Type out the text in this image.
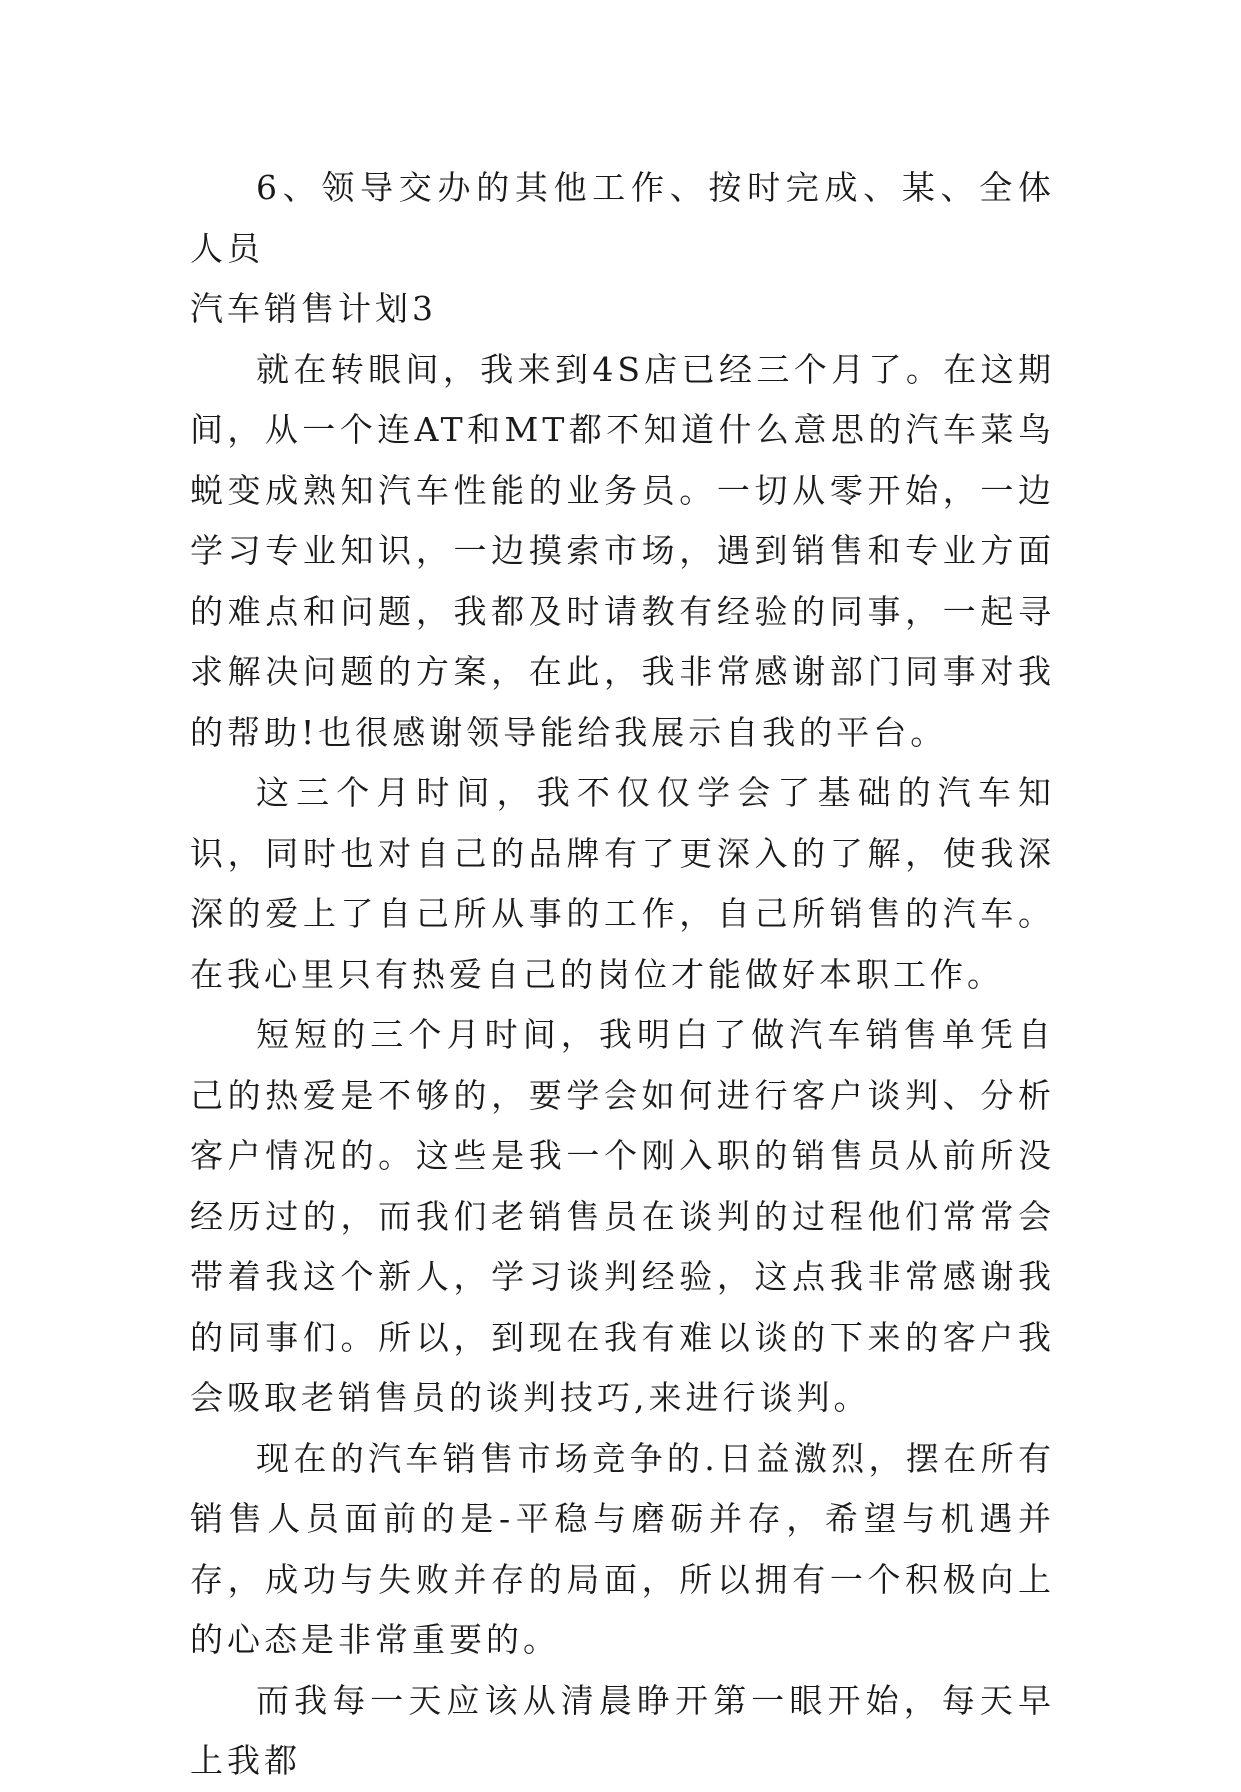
6、领导交办的其他工作、按时完成、某、全体人员

汽车销售计划3

就在转眼间，我来到4S店已经三个月了。在这期间，从一个连AT和MT都不知道什么意思的汽车菜鸟蜕变成熟知汽车性能的业务员。一切从零开始，一边学习专业知识，一边摸索市场，遇到销售和专业方面的难点和问题，我都及时请教有经验的同事，一起寻求解决问题的方案，在此，我非常感谢部门同事对我的帮助!也很感谢领导能给我展示自我的平台。

这三个月时间，我不仅仅学会了基础的汽车知识，同时也对自己的品牌有了更深入的了解，使我深深的爱上了自己所从事的工作，自己所销售的汽车。在我心里只有热爱自己的岗位才能做好本职工作。

短短的三个月时间，我明白了做汽车销售单凭自己的热爱是不够的，要学会如何进行客户谈判、分析客户情况的。这些是我一个刚入职的销售员从前所没经历过的，而我们老销售员在谈判的过程他们常常会带着我这个新人，学习谈判经验，这点我非常感谢我的同事们。所以，到现在我有难以谈的下来的客户我会吸取老销售员的谈判技巧,来进行谈判。

现在的汽车销售市场竞争的.日益激烈，摆在所有销售人员面前的是-平稳与磨砺并存，希望与机遇并存，成功与失败并存的局面，所以拥有一个积极向上的心态是非常重要的。

而我每一天应该从清晨睁开第一眼开始，每天早上我都
